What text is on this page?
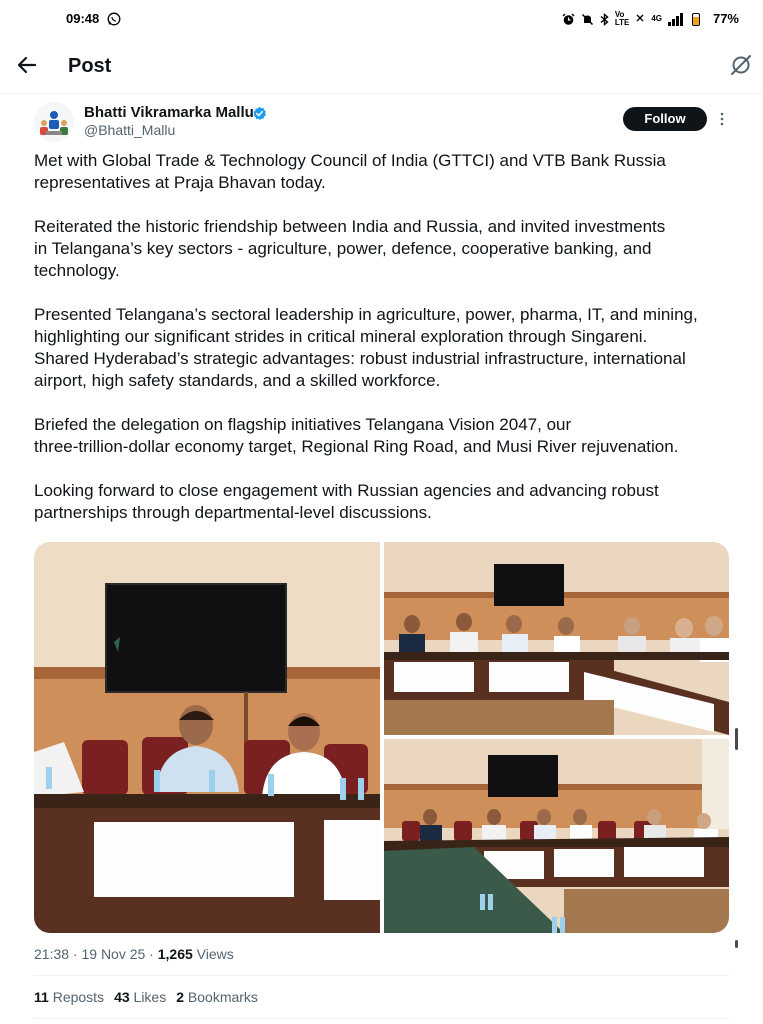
09:48	Vo
LTE	4G	77%
Post
Bhatti Vikramarka Mallu
@Bhatti_Mallu
Follow

Met with Global Trade & Technology Council of India (GTTCI) and VTB Bank Russia
representatives at Praja Bhavan today.

Reiterated the historic friendship between India and Russia, and invited investments
in Telangana’s key sectors - agriculture, power, defence, cooperative banking, and
technology.

Presented Telangana’s sectoral leadership in agriculture, power, pharma, IT, and mining,
highlighting our significant strides in critical mineral exploration through Singareni.
Shared Hyderabad’s strategic advantages: robust industrial infrastructure, international
airport, high safety standards, and a skilled workforce.

Briefed the delegation on flagship initiatives Telangana Vision 2047, our
three-trillion-dollar economy target, Regional Ring Road, and Musi River rejuvenation.

Looking forward to close engagement with Russian agencies and advancing robust
partnerships through departmental-level discussions.

21:38 · 19 Nov 25 · 1,265 Views
11 Reposts 43 Likes 2 Bookmarks
